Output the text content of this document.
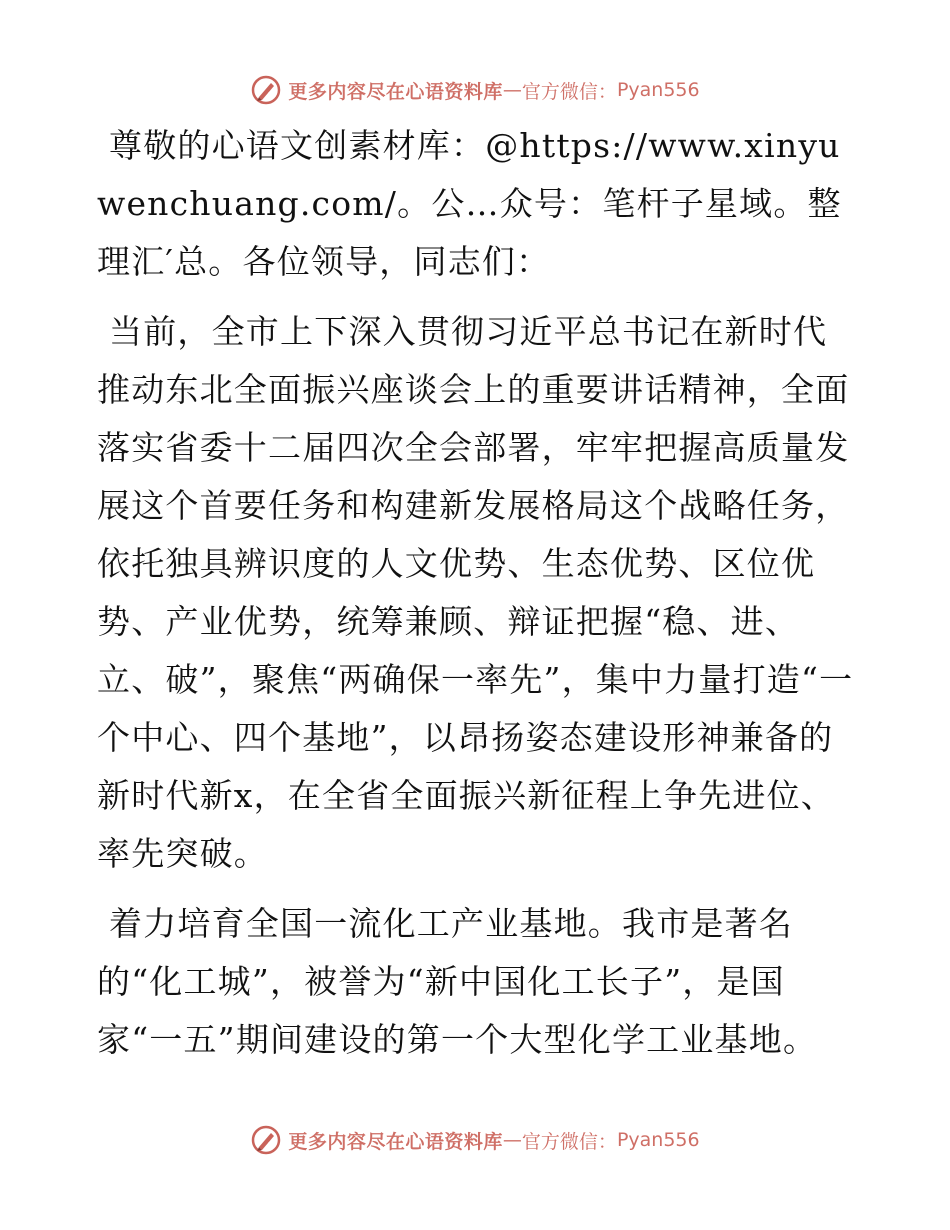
更多内容尽在心语资料库 — 官方微信： Pyan556

尊敬的心语文创素材库：@https://www.xinyuwenchuang.com/。公…众号：笔杆子星域。整理汇′总。各位领导，同志们：

当前，全市上下深入贯彻习近平总书记在新时代推动东北全面振兴座谈会上的重要讲话精神，全面落实省委十二届四次全会部署，牢牢把握高质量发展这个首要任务和构建新发展格局这个战略任务，依托独具辨识度的人文优势、生态优势、区位优势、产业优势，统筹兼顾、辩证把握“稳、进、立、破”，聚焦“两确保一率先”，集中力量打造“一个中心、四个基地”，以昂扬姿态建设形神兼备的新时代新x，在全省全面振兴新征程上争先进位、率先突破。

着力培育全国一流化工产业基地。我市是著名的“化工城”，被誉为“新中国化工长子”，是国家“一五”期间建设的第一个大型化学工业基地。

更多内容尽在心语资料库 — 官方微信： Pyan556
